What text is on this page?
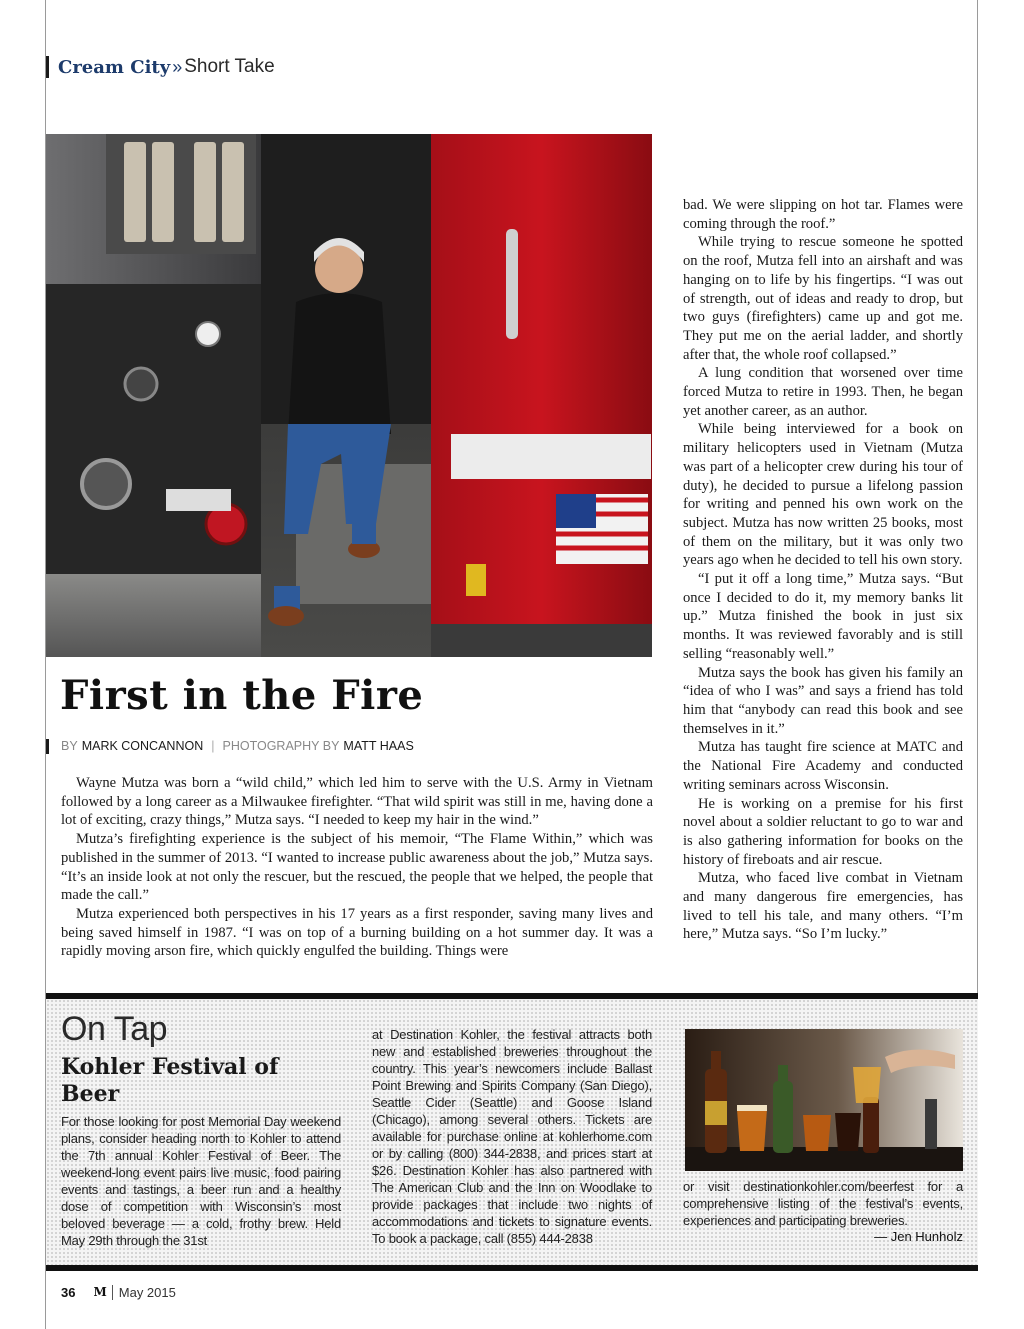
Cream City » Short Take

bad. We were slipping on hot tar. Flames were coming through the roof.”

While trying to rescue someone he spotted on the roof, Mutza fell into an airshaft and was hanging on to life by his fingertips. “I was out of strength, out of ideas and ready to drop, but two guys (firefighters) came up and got me. They put me on the aerial ladder, and shortly after that, the whole roof collapsed.”

A lung condition that worsened over time forced Mutza to retire in 1993. Then, he began yet another career, as an author.

While being interviewed for a book on military helicopters used in Vietnam (Mutza was part of a helicopter crew during his tour of duty), he decided to pursue a lifelong passion for writing and penned his own work on the subject. Mutza has now written 25 books, most of them on the military, but it was only two years ago when he decided to tell his own story.

“I put it off a long time,” Mutza says. “But once I decided to do it, my memory banks lit up.” Mutza finished the book in just six months. It was reviewed favorably and is still selling “reasonably well.”

Mutza says the book has given his family an “idea of who I was” and says a friend has told him that “anybody can read this book and see themselves in it.”

Mutza has taught fire science at MATC and the National Fire Academy and conducted writing seminars across Wisconsin.

He is working on a premise for his first novel about a soldier reluctant to go to war and is also gathering information for books on the history of fireboats and air rescue.

Mutza, who faced live combat in Vietnam and many dangerous fire emergencies, has lived to tell his tale, and many others. “I’m here,” Mutza says. “So I’m lucky.”

First in the Fire
BY MARK CONCANNON | PHOTOGRAPHY BY MATT HAAS

Wayne Mutza was born a “wild child,” which led him to serve with the U.S. Army in Vietnam followed by a long career as a Milwaukee firefighter. “That wild spirit was still in me, having done a lot of exciting, crazy things,” Mutza says. “I needed to keep my hair in the wind.”

Mutza’s firefighting experience is the subject of his memoir, “The Flame Within,” which was published in the summer of 2013. “I wanted to increase public awareness about the job,” Mutza says. “It’s an inside look at not only the rescuer, but the rescued, the people that we helped, the people that made the call.”

Mutza experienced both perspectives in his 17 years as a first responder, saving many lives and being saved himself in 1987. “I was on top of a burning building on a hot summer day. It was a rapidly moving arson fire, which quickly engulfed the building. Things were

On Tap
Kohler Festival of Beer

For those looking for post Memorial Day weekend plans, consider heading north to Kohler to attend the 7th annual Kohler Festival of Beer. The weekend-long event pairs live music, food pairing events and tastings, a beer run and a healthy dose of competition with Wisconsin’s most beloved beverage — a cold, frothy brew. Held May 29th through the 31st

at Destination Kohler, the festival attracts both new and established breweries throughout the country. This year’s newcomers include Ballast Point Brewing and Spirits Company (San Diego), Seattle Cider (Seattle) and Goose Island (Chicago), among several others. Tickets are available for purchase online at kohlerhome.com or by calling (800) 344-2838, and prices start at $26. Destination Kohler has also partnered with The American Club and the Inn on Woodlake to provide packages that include two nights of accommodations and tickets to signature events. To book a package, call (855) 444-2838

or visit destinationkohler.com/beerfest for a comprehensive listing of the festival’s events, experiences and participating breweries.

— Jen Hunholz
36 M May 2015
